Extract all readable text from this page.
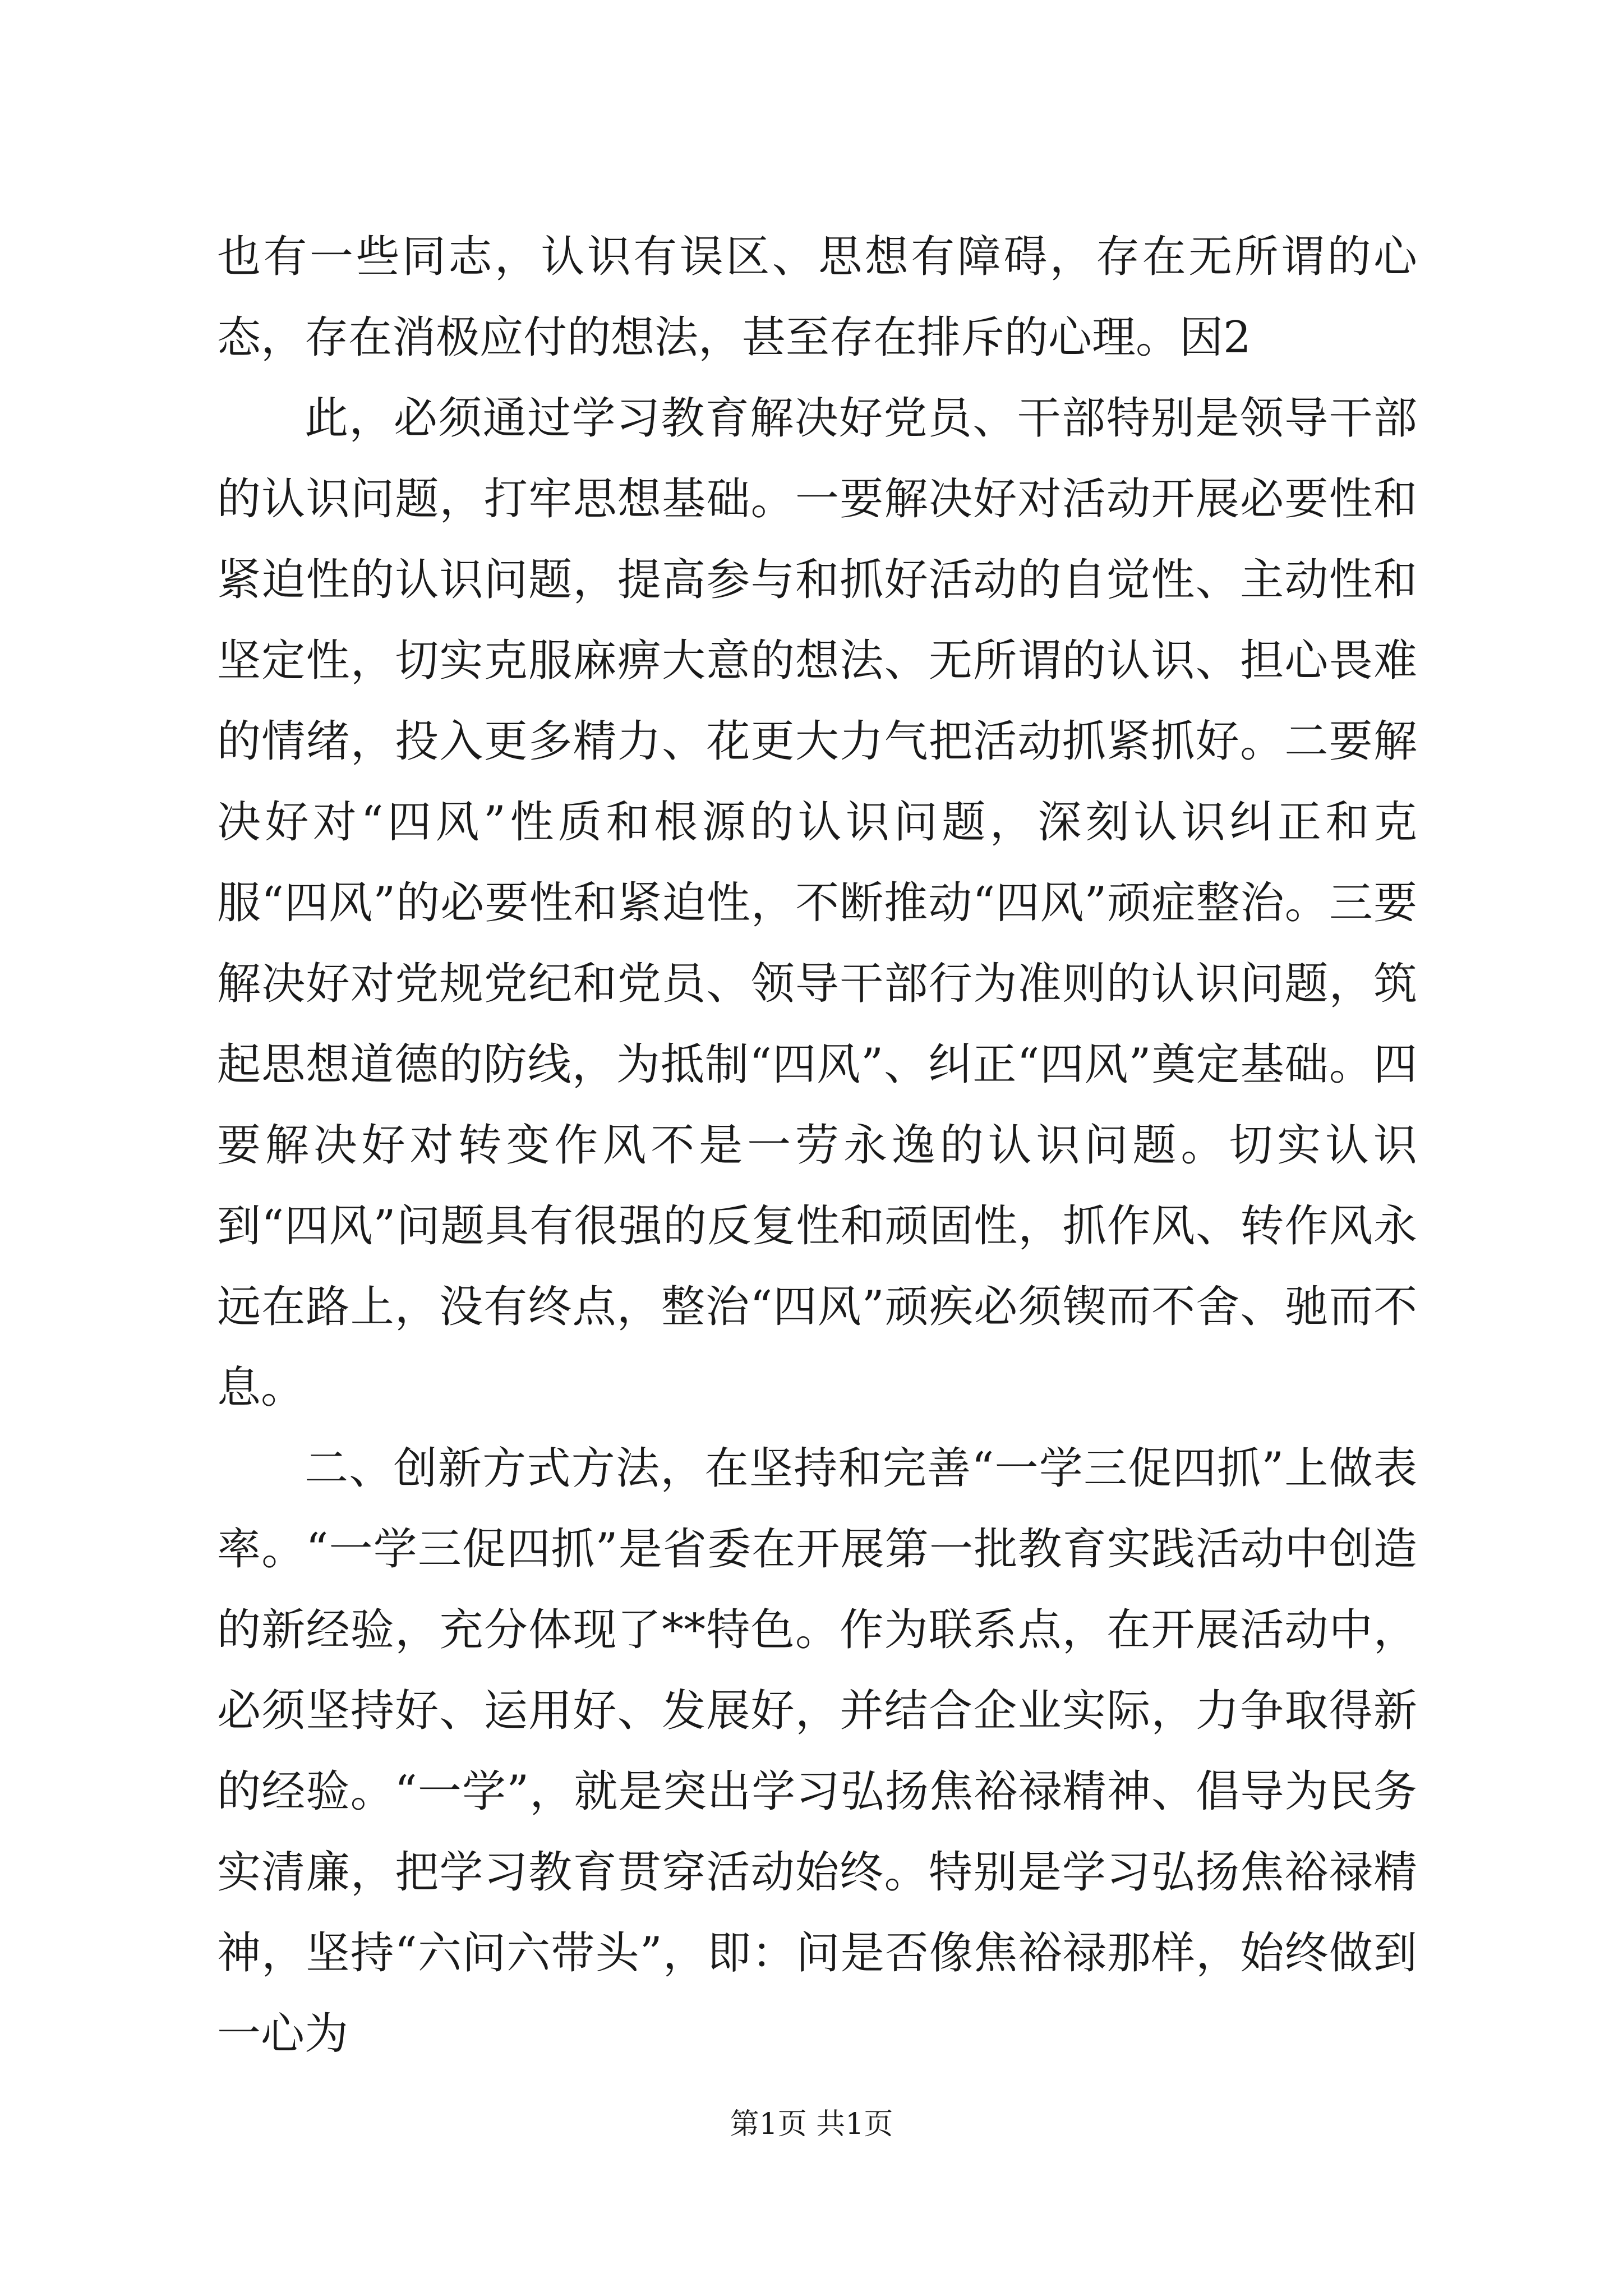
也有一些同志，认识有误区、思想有障碍，存在无所谓的心态，存在消极应付的想法，甚至存在排斥的心理。因2

此，必须通过学习教育解决好党员、干部特别是领导干部的认识问题，打牢思想基础。一要解决好对活动开展必要性和紧迫性的认识问题，提高参与和抓好活动的自觉性、主动性和坚定性，切实克服麻痹大意的想法、无所谓的认识、担心畏难的情绪，投入更多精力、花更大力气把活动抓紧抓好。二要解决好对“四风”性质和根源的认识问题，深刻认识纠正和克服“四风”的必要性和紧迫性，不断推动“四风”顽症整治。三要解决好对党规党纪和党员、领导干部行为准则的认识问题，筑起思想道德的防线，为抵制“四风”、纠正“四风”奠定基础。四要解决好对转变作风不是一劳永逸的认识问题。切实认识到“四风”问题具有很强的反复性和顽固性，抓作风、转作风永远在路上，没有终点，整治“四风”顽疾必须锲而不舍、驰而不息。

二、创新方式方法，在坚持和完善“一学三促四抓”上做表率。“一学三促四抓”是省委在开展第一批教育实践活动中创造的新经验，充分体现了**特色。作为联系点，在开展活动中，必须坚持好、运用好、发展好，并结合企业实际，力争取得新的经验。“一学”，就是突出学习弘扬焦裕禄精神、倡导为民务实清廉，把学习教育贯穿活动始终。特别是学习弘扬焦裕禄精神，坚持“六问六带头”，即：问是否像焦裕禄那样，始终做到一心为

第1页 共1页
